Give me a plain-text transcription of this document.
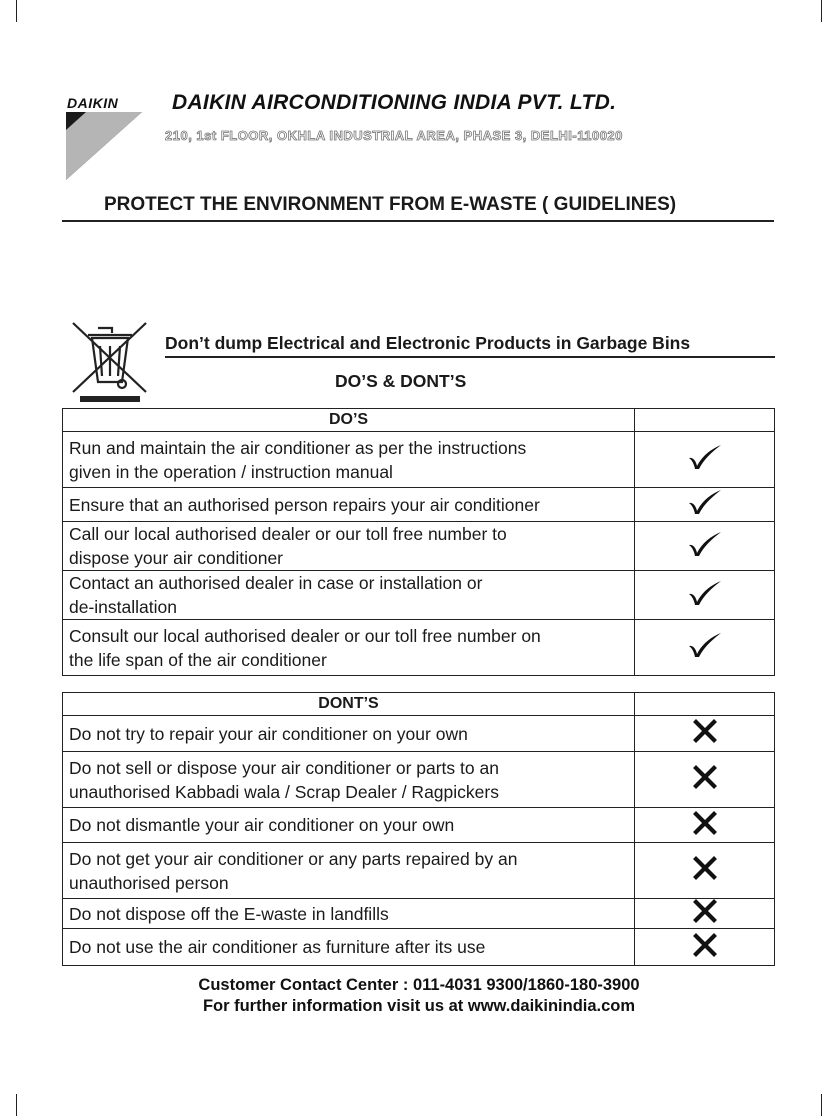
DAIKIN	DAIKIN AIRCONDITIONING INDIA PVT. LTD.
210, 1st FLOOR, OKHLA INDUSTRIAL AREA, PHASE 3, DELHI-110020
PROTECT THE ENVIRONMENT FROM E-WASTE ( GUIDELINES)
Don’t dump Electrical and Electronic Products in Garbage Bins
DO’S & DONT’S
DO’S	

Run and maintain the air conditioner as per the instructions
given in the operation / instruction manual

Ensure that an authorised person repairs your air conditioner

Call our local authorised dealer or our toll free number to
dispose your air conditioner

Contact an authorised dealer in case or installation or
de-installation

Consult our local authorised dealer or our toll free number on
the life span of the air conditioner

DONT’S	

Do not try to repair your air conditioner on your own

Do not sell or dispose your air conditioner or parts to an
unauthorised Kabbadi wala / Scrap Dealer / Ragpickers

Do not dismantle your air conditioner on your own

Do not get your air conditioner or any parts repaired by an
unauthorised person

Do not dispose off the E-waste in landfills

Do not use the air conditioner as furniture after its use

Customer Contact Center : 011-4031 9300/1860-180-3900
For further information visit us at www.daikinindia.com
